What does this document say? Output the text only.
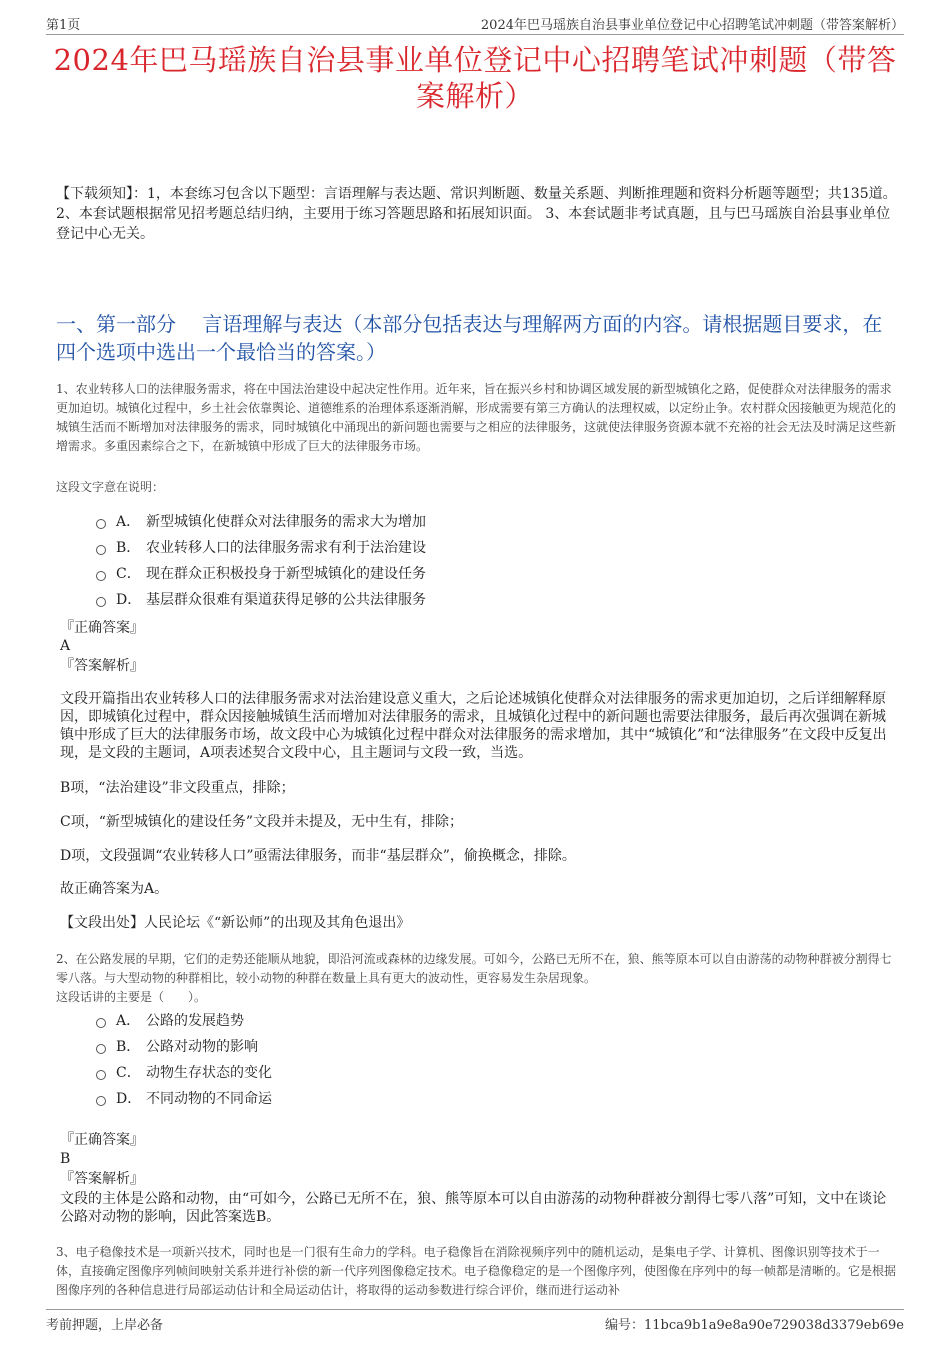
第1页	2024年巴马瑶族自治县事业单位登记中心招聘笔试冲刺题（带答案解析）
2024年巴马瑶族自治县事业单位登记中心招聘笔试冲刺题（带答案解析）
【下载须知】：1，本套练习包含以下题型：言语理解与表达题、常识判断题、数量关系题、判断推理题和资料分析题等题型；共135道。 2、本套试题根据常见招考题总结归纳，主要用于练习答题思路和拓展知识面。 3、本套试题非考试真题，且与巴马瑶族自治县事业单位登记中心无关。
一、第一部分　 言语理解与表达（本部分包括表达与理解两方面的内容。请根据题目要求，在四个选项中选出一个最恰当的答案。）
1、农业转移人口的法律服务需求，将在中国法治建设中起决定性作用。近年来，旨在振兴乡村和协调区域发展的新型城镇化之路，促使群众对法律服务的需求更加迫切。城镇化过程中，乡土社会依靠舆论、道德维系的治理体系逐渐消解，形成需要有第三方确认的法理权威，以定纷止争。农村群众因接触更为规范化的城镇生活而不断增加对法律服务的需求，同时城镇化中涌现出的新问题也需要与之相应的法律服务，这就使法律服务资源本就不充裕的社会无法及时满足这些新增需求。多重因素综合之下，在新城镇中形成了巨大的法律服务市场。
这段文字意在说明：
A． 新型城镇化使群众对法律服务的需求大为增加
B． 农业转移人口的法律服务需求有利于法治建设
C． 现在群众正积极投身于新型城镇化的建设任务
D． 基层群众很难有渠道获得足够的公共法律服务
『正确答案』
A
『答案解析』
文段开篇指出农业转移人口的法律服务需求对法治建设意义重大，之后论述城镇化使群众对法律服务的需求更加迫切，之后详细解释原因，即城镇化过程中，群众因接触城镇生活而增加对法律服务的需求，且城镇化过程中的新问题也需要法律服务，最后再次强调在新城镇中形成了巨大的法律服务市场，故文段中心为城镇化过程中群众对法律服务的需求增加，其中“城镇化”和“法律服务”在文段中反复出现，是文段的主题词，A项表述契合文段中心，且主题词与文段一致，当选。
B项，“法治建设”非文段重点，排除；
C项，“新型城镇化的建设任务”文段并未提及，无中生有，排除；
D项，文段强调“农业转移人口”亟需法律服务，而非“基层群众”，偷换概念，排除。
故正确答案为A。
【文段出处】人民论坛《“新讼师”的出现及其角色退出》
2、在公路发展的早期，它们的走势还能顺从地貌，即沿河流或森林的边缘发展。可如今，公路已无所不在，狼、熊等原本可以自由游荡的动物种群被分割得七零八落。与大型动物的种群相比，较小动物的种群在数量上具有更大的波动性，更容易发生杂居现象。
这段话讲的主要是（　　）。
A． 公路的发展趋势
B． 公路对动物的影响
C． 动物生存状态的变化
D． 不同动物的不同命运
『正确答案』
B
『答案解析』
文段的主体是公路和动物，由“可如今，公路已无所不在，狼、熊等原本可以自由游荡的动物种群被分割得七零八落”可知，文中在谈论公路对动物的影响，因此答案选B。
3、电子稳像技术是一项新兴技术，同时也是一门很有生命力的学科。电子稳像旨在消除视频序列中的随机运动，是集电子学、计算机、图像识别等技术于一体，直接确定图像序列帧间映射关系并进行补偿的新一代序列图像稳定技术。电子稳像稳定的是一个图像序列，使图像在序列中的每一帧都是清晰的。它是根据图像序列的各种信息进行局部运动估计和全局运动估计，将取得的运动参数进行综合评价，继而进行运动补
考前押题，上岸必备	编号：11bca9b1a9e8a90e729038d3379eb69e
